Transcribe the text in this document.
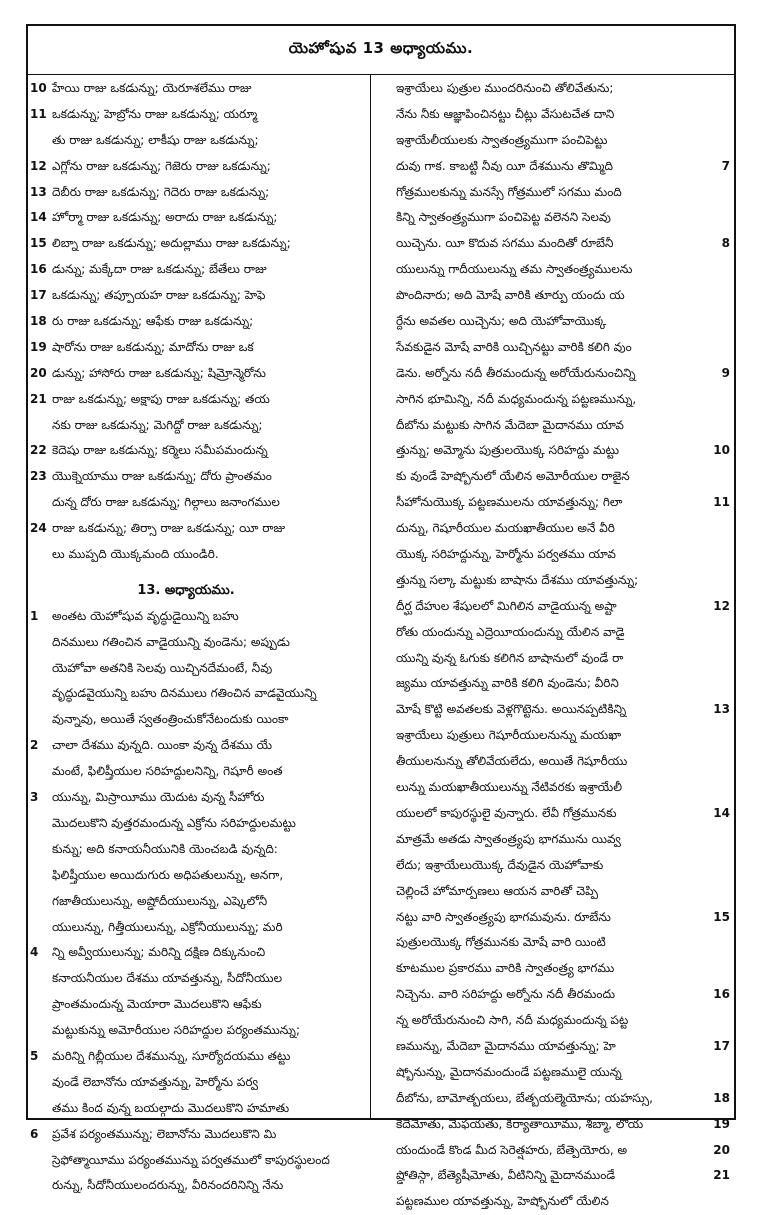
యెహోషువ 13 అధ్యాయము.
10 హేయి రాజు ఒకడున్ను; యెరూశలేము రాజు
11 ఒకడున్ను; హెబ్రోను రాజు ఒకడున్ను; యర్మూ
తు రాజు ఒకడున్ను; లాకీషు రాజు ఒకడున్ను;
12 ఎగ్లోను రాజు ఒకడున్ను; గెజెరు రాజు ఒకడున్ను;
13 దెబీరు రాజు ఒకడున్ను; గెదెరు రాజు ఒకడున్ను;
14 హోర్మా రాజు ఒకడున్ను; అరాదు రాజు ఒకడున్ను;
15 లిబ్నా రాజు ఒకడున్ను; అదుల్లాము రాజు ఒకడున్ను;
16 డున్ను; మక్కేదా రాజు ఒకడున్ను; బేతేలు రాజు
17 ఒకడున్ను; తప్పూయహ రాజు ఒకడున్ను; హెఫె
18 రు రాజు ఒకడున్ను; ఆఫేకు రాజు ఒకడున్ను;
19 షారోను రాజు ఒకడున్ను; మాదోను రాజు ఒక
20 డున్ను; హాసోరు రాజు ఒకడున్ను; షిమ్రోన్మెరోను
21 రాజు ఒకడున్ను; అక్షాపు రాజు ఒకడున్ను; తయ
నకు రాజు ఒకడున్ను; మెగిద్దో రాజు ఒకడున్ను;
22 కెదెషు రాజు ఒకడున్ను; కర్మెలు సమీపమందున్న
23 యొక్నెయాము రాజు ఒకడున్ను; దోరు ప్రాంతమం
దున్న దోరు రాజు ఒకడున్ను; గిల్గాలు జనాంగముల
24 రాజు ఒకడున్ను; తిర్సా రాజు ఒకడున్ను; యీ రాజు
లు ముప్పది యొక్కమంది యుండిరి.
13. అధ్యాయము.
1 అంతట యెహోషువ వృద్ధుడైయిన్ని బహు
దినములు గతించిన వాడైయున్ని వుండెను; అప్పుడు
యెహోవా అతనికి సెలవు యిచ్చినదేమంటే, నీవు
వృద్ధుడవైయున్ని బహు దినములు గతించిన వాడవైయున్ని
వున్నావు, అయితే స్వతంత్రించుకోనేటందుకు యింకా
2 చాలా దేశము వున్నది. యింకా వున్న దేశము యే
మంటే, ఫిలిష్తీయుల సరిహద్దులనిన్ని, గెషూరీ అంత
3 యున్ను, మిస్రాయీము యెదుట వున్న సీహోరు
మొదలుకొని వుత్తరమందున్న ఎక్రోను సరిహద్దులమట్టు
కున్ను; అది కనాయనీయునికి యెంచబడి వున్నది:
ఫిలిష్తీయుల అయిదుగురు అధిపతులున్ను, అనగా,
గజాతీయులున్ను, అష్డోదీయులున్ను, ఎష్కెలోనీ
యులున్ను, గిత్తీయులున్ను, ఎక్రోనీయులున్ను; మరి
4 న్ని అవ్వీయులున్ను; మరిన్ని దక్షిణ దిక్కునుంచి
కనాయనీయుల దేశము యావత్తున్ను, సీదోనీయుల
ప్రాంతమందున్న మెయారా మొదలుకొని ఆఫేకు
మట్టుకున్ను అమోరీయుల సరిహద్దుల పర్యంతమున్ను;
5 మరిన్ని గిబ్లీయుల దేశమున్ను, సూర్యోదయము తట్టు
వుండే లెబానోను యావత్తున్ను, హెర్మోను పర్వ
తము కింద వున్న బయల్గాదు మొదలుకొని హమాతు
6 ప్రవేశ పర్యంతమున్ను; లెబానోను మొదలుకొని మి
స్రెఫోత్మాయీము పర్యంతమున్ను పర్వతములో కాపురస్థులంద
రున్ను, సీదోనీయులందరున్ను, వీరినందరినిన్ని నేను
ఇశ్రాయేలు పుత్రుల ముందరినుంచి తోలివేతును;
నేను నీకు ఆజ్ఞాపించినట్టు చీట్లు వేసుటచేత దాని
ఇశ్రాయేలీయులకు స్వాతంత్ర్యముగా పంచిపెట్టు
7
దువు గాక. కాబట్టి నీవు యీ దేశమును తొమ్మిది
గోత్రములకున్ను మనస్సే గోత్రములో సగము మంది
కిన్ని స్వాతంత్ర్యముగా పంచిపెట్ట వలెనని సెలవు
8
యిచ్చెను. యీ కొదువ సగము మందితో రూబేనీ
యులున్ను గాదీయులున్ను తమ స్వాతంత్ర్యములను
పొందినారు; అది మోషే వారికి తూర్పు యందు య
ర్దేను అవతల యిచ్చెను; అది యెహోవాయొక్క
సేవకుడైన మోషే వారికి యిచ్చినట్టు వారికి కలిగి వుం
9
డెను. అర్నోను నదీ తీరమందున్న అరోయేరునుంచిన్ని
సాగిన భూమిన్ని, నదీ మధ్యమందున్న పట్టణమున్ను,
దీబోను మట్టుకు సాగిన మేదెబా మైదానము యావ
10
త్తున్ను; అమ్మోను పుత్రులయొక్క సరిహద్దు మట్టు
కు వుండే హెష్బోనులో యేలిన అమోరీయుల రాజైన
11
సీహోనుయొక్క పట్టణములను యావత్తున్ను; గిలా
దున్ను, గెషూరీయుల మయఖాతీయుల అనే వీరి
యొక్క సరిహద్దున్ను, హెర్మోను పర్వతము యావ
త్తున్ను సల్కా మట్టుకు బాషాను దేశము యావత్తున్ను;
12
దీర్ఘ దేహుల శేషులలో మిగిలిన వాడైయున్న అష్టా
రోతు యందున్ను ఎద్రెయీయందున్ను యేలిన వాడై
యున్ని వున్న ఓగుకు కలిగిన బాషానులో వుండే రా
జ్యము యావత్తున్ను వారికి కలిగి వుండెను; వీరిని
13
మోషే కొట్టి అవతలకు వెళ్లగొట్టెను. అయినప్పటికిన్ని
ఇశ్రాయేలు పుత్రులు గెషూరీయులనున్ను మయఖా
తీయులనున్ను తోలివేయలేదు, అయితే గెషూరీయు
లున్ను మయఖాతీయులున్ను నేటివరకు ఇశ్రాయేలీ
14
యులలో కాపురస్థులై వున్నారు. లేవీ గోత్రమునకు
మాత్రమే అతడు స్వాతంత్ర్యపు భాగమును యివ్వ
లేదు; ఇశ్రాయేలుయొక్క దేవుడైన యెహోవాకు
చెల్లించే హోమార్పణలు ఆయన వారితో చెప్పి
15
నట్టు వారి స్వాతంత్ర్యపు భాగమవును. రూబేను
పుత్రులయొక్క గోత్రమునకు మోషే వారి యింటి
కూటముల ప్రకారము వారికి స్వాతంత్ర్య భాగము
16
నిచ్చెను. వారి సరిహద్దు అర్నోను నదీ తీరమందు
న్న అరోయేరునుంచి సాగి, నదీ మధ్యమందున్న పట్ట
17
ణమున్ను, మేదెబా మైదానము యావత్తున్ను; హె
ష్బోనున్ను, మైదానమందుండే పట్టణములై యున్న
18
దీబోను, బామోత్బయలు, బేత్బయల్మెయోను; యహస్సు,
19
కెదేమోతు, మేఫయతు, కిర్యాతాయీము, శిబ్మా, లోయ
20
యందుండే కొండ మీద సెరెత్షహరు, బేత్పెయోరు, అ
21
ష్డోతిస్గా, బేత్యెషీమోతు, వీటినిన్ని మైదానముండే
పట్టణముల యావత్తున్ను, హెష్బోనులో యేలిన
